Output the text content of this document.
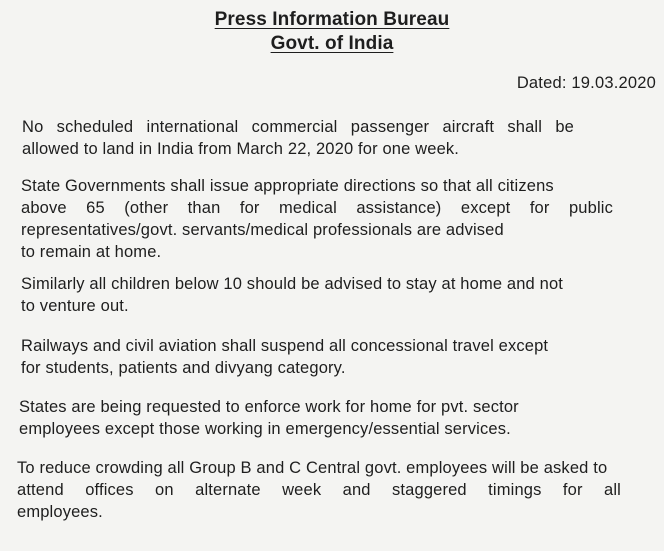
Press Information Bureau
Govt. of India
Dated: 19.03.2020
No scheduled international commercial passenger aircraft shall be
allowed to land in India from March 22, 2020 for one week.
State Governments shall issue appropriate directions so that all citizens
above 65 (other than for medical assistance) except for public
representatives/govt. servants/medical professionals are advised
to remain at home.
Similarly all children below 10 should be advised to stay at home and not
to venture out.
Railways and civil aviation shall suspend all concessional travel except
for students, patients and divyang category.
States are being requested to enforce work for home for pvt. sector
employees except those working in emergency/essential services.
To reduce crowding all Group B and C Central govt. employees will be asked to
attend offices on alternate week and staggered timings for all
employees.
